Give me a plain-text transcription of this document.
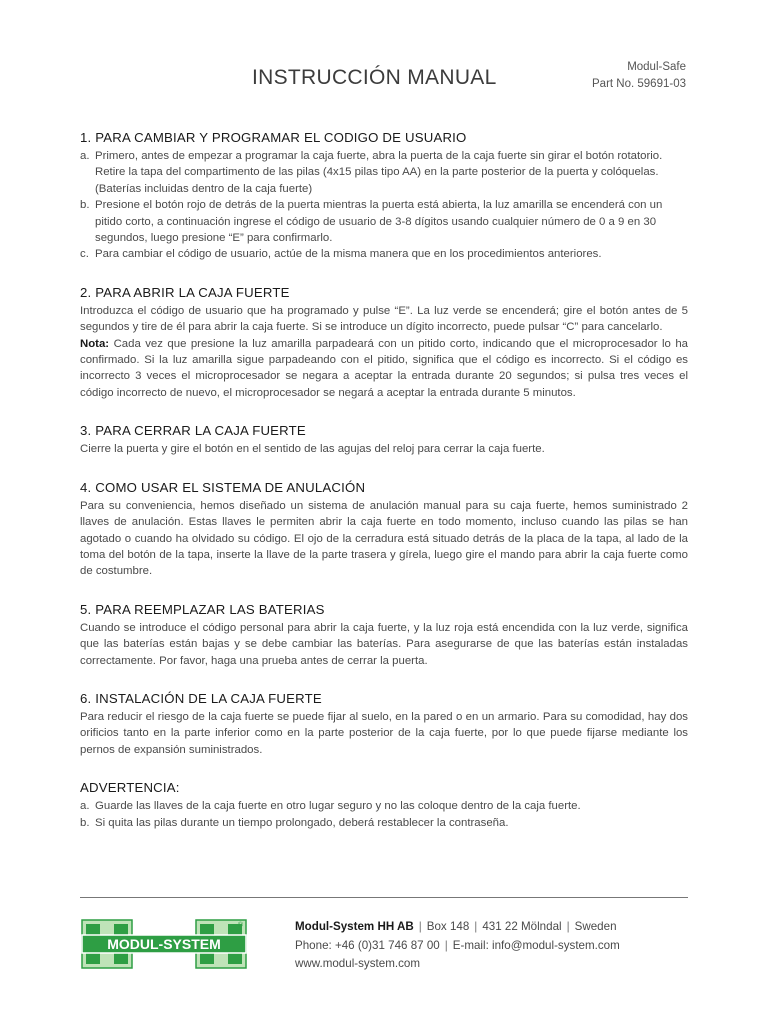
INSTRUCCIÓN MANUAL	Modul-Safe
Part No. 59691-03
1. PARA CAMBIAR Y PROGRAMAR EL CODIGO DE USUARIO
a. Primero, antes de empezar a programar la caja fuerte, abra la puerta de la caja fuerte sin girar el botón rotatorio. Retire la tapa del compartimento de las pilas (4x15 pilas tipo AA) en la parte posterior de la puerta y colóquelas. (Baterías incluidas dentro de la caja fuerte)
b. Presione el botón rojo de detrás de la puerta mientras la puerta está abierta, la luz amarilla se encenderá con un pitido corto, a continuación ingrese el código de usuario de 3-8 dígitos usando cualquier número de 0 a 9 en 30 segundos, luego presione “E” para confirmarlo.
c. Para cambiar el código de usuario, actúe de la misma manera que en los procedimientos anteriores.
2. PARA ABRIR LA CAJA FUERTE

Introduzca el código de usuario que ha programado y pulse “E”. La luz verde se encenderá; gire el botón antes de 5 segundos y tire de él para abrir la caja fuerte. Si se introduce un dígito incorrecto, puede pulsar “C” para cancelarlo.

Nota: Cada vez que presione la luz amarilla parpadeará con un pitido corto, indicando que el microprocesador lo ha confirmado. Si la luz amarilla sigue parpadeando con el pitido, significa que el código es incorrecto. Si el código es incorrecto 3 veces el microprocesador se negara a aceptar la entrada durante 20 segundos; si pulsa tres veces el código incorrecto de nuevo, el microprocesador se negará a aceptar la entrada durante 5 minutos.

3. PARA CERRAR LA CAJA FUERTE

Cierre la puerta y gire el botón en el sentido de las agujas del reloj para cerrar la caja fuerte.

4. COMO USAR EL SISTEMA DE ANULACIÓN

Para su conveniencia, hemos diseñado un sistema de anulación manual para su caja fuerte, hemos suministrado 2 llaves de anulación. Estas llaves le permiten abrir la caja fuerte en todo momento, incluso cuando las pilas se han agotado o cuando ha olvidado su código. El ojo de la cerradura está situado detrás de la placa de la tapa, al lado de la toma del botón de la tapa, inserte la llave de la parte trasera y gírela, luego gire el mando para abrir la caja fuerte como de costumbre.

5. PARA REEMPLAZAR LAS BATERIAS

Cuando se introduce el código personal para abrir la caja fuerte, y la luz roja está encendida con la luz verde, significa que las baterías están bajas y se debe cambiar las baterías. Para asegurarse de que las baterías están instaladas correctamente. Por favor, haga una prueba antes de cerrar la puerta.

6. INSTALACIÓN DE LA CAJA FUERTE

Para reducir el riesgo de la caja fuerte se puede fijar al suelo, en la pared o en un armario. Para su comodidad, hay dos orificios tanto en la parte inferior como en la parte posterior de la caja fuerte, por lo que puede fijarse mediante los pernos de expansión suministrados.

ADVERTENCIA:
a. Guarde las llaves de la caja fuerte en otro lugar seguro y no las coloque dentro de la caja fuerte.
b. Si quita las pilas durante un tiempo prolongado, deberá restablecer la contraseña.
MODUL-SYSTEM
®	Modul-System HH AB | Box 148 | 431 22 Mölndal | Sweden
Phone: +46 (0)31 746 87 00 | E-mail: info@modul-system.com
www.modul-system.com
